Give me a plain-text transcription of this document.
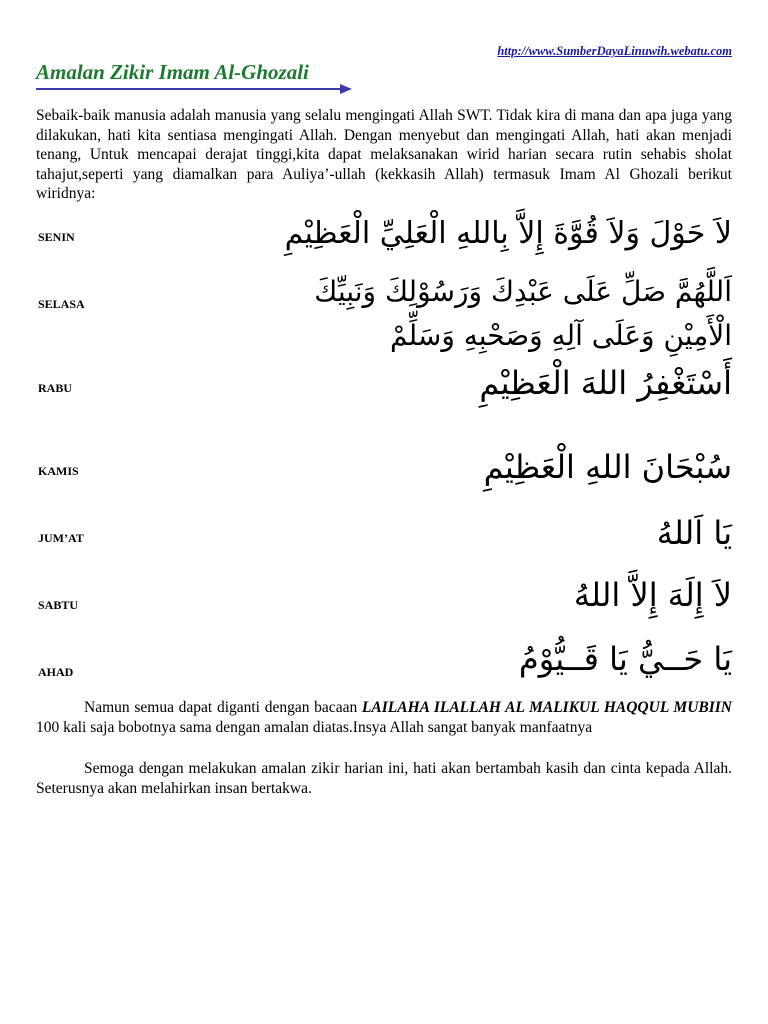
http://www.SumberDayaLinuwih.webatu.com
Amalan Zikir Imam Al-Ghozali
Sebaik-baik manusia adalah manusia yang selalu mengingati Allah SWT. Tidak kira di mana dan apa juga yang dilakukan, hati kita sentiasa mengingati Allah. Dengan menyebut dan mengingati Allah, hati akan menjadi tenang, Untuk mencapai derajat tinggi,kita dapat melaksanakan wirid harian secara rutin sehabis sholat tahajut,seperti yang diamalkan para Auliya’-ullah (kekkasih Allah) termasuk Imam Al Ghozali berikut wiridnya:
SENIN	لاَ حَوْلَ وَلاَ قُوَّةَ إِلاَّ بِاللهِ الْعَلِيِّ الْعَظِيْمِ
SELASA	اَللَّهُمَّ صَلِّ عَلَى عَبْدِكَ وَرَسُوْلِكَ وَنَبِيِّكَ الْأَمِيْنِ وَعَلَى آلِهِ وَصَحْبِهِ وَسَلِّمْ
RABU	أَسْتَغْفِرُ اللهَ الْعَظِيْمِ
KAMIS	سُبْحَانَ اللهِ الْعَظِيْمِ
JUM’AT	يَا اَللهُ
SABTU	لاَ إِلَهَ إِلاَّ اللهُ
AHAD	يَا حَــيُّ يَا قَــيُّوْمُ
Namun semua dapat diganti dengan bacaan LAILAHA ILALLAH AL MALIKUL HAQQUL MUBIIN 100 kali saja bobotnya sama dengan amalan diatas.Insya Allah sangat banyak manfaatnya
Semoga dengan melakukan amalan zikir harian ini, hati akan bertambah kasih dan cinta kepada Allah. Seterusnya akan melahirkan insan bertakwa.
